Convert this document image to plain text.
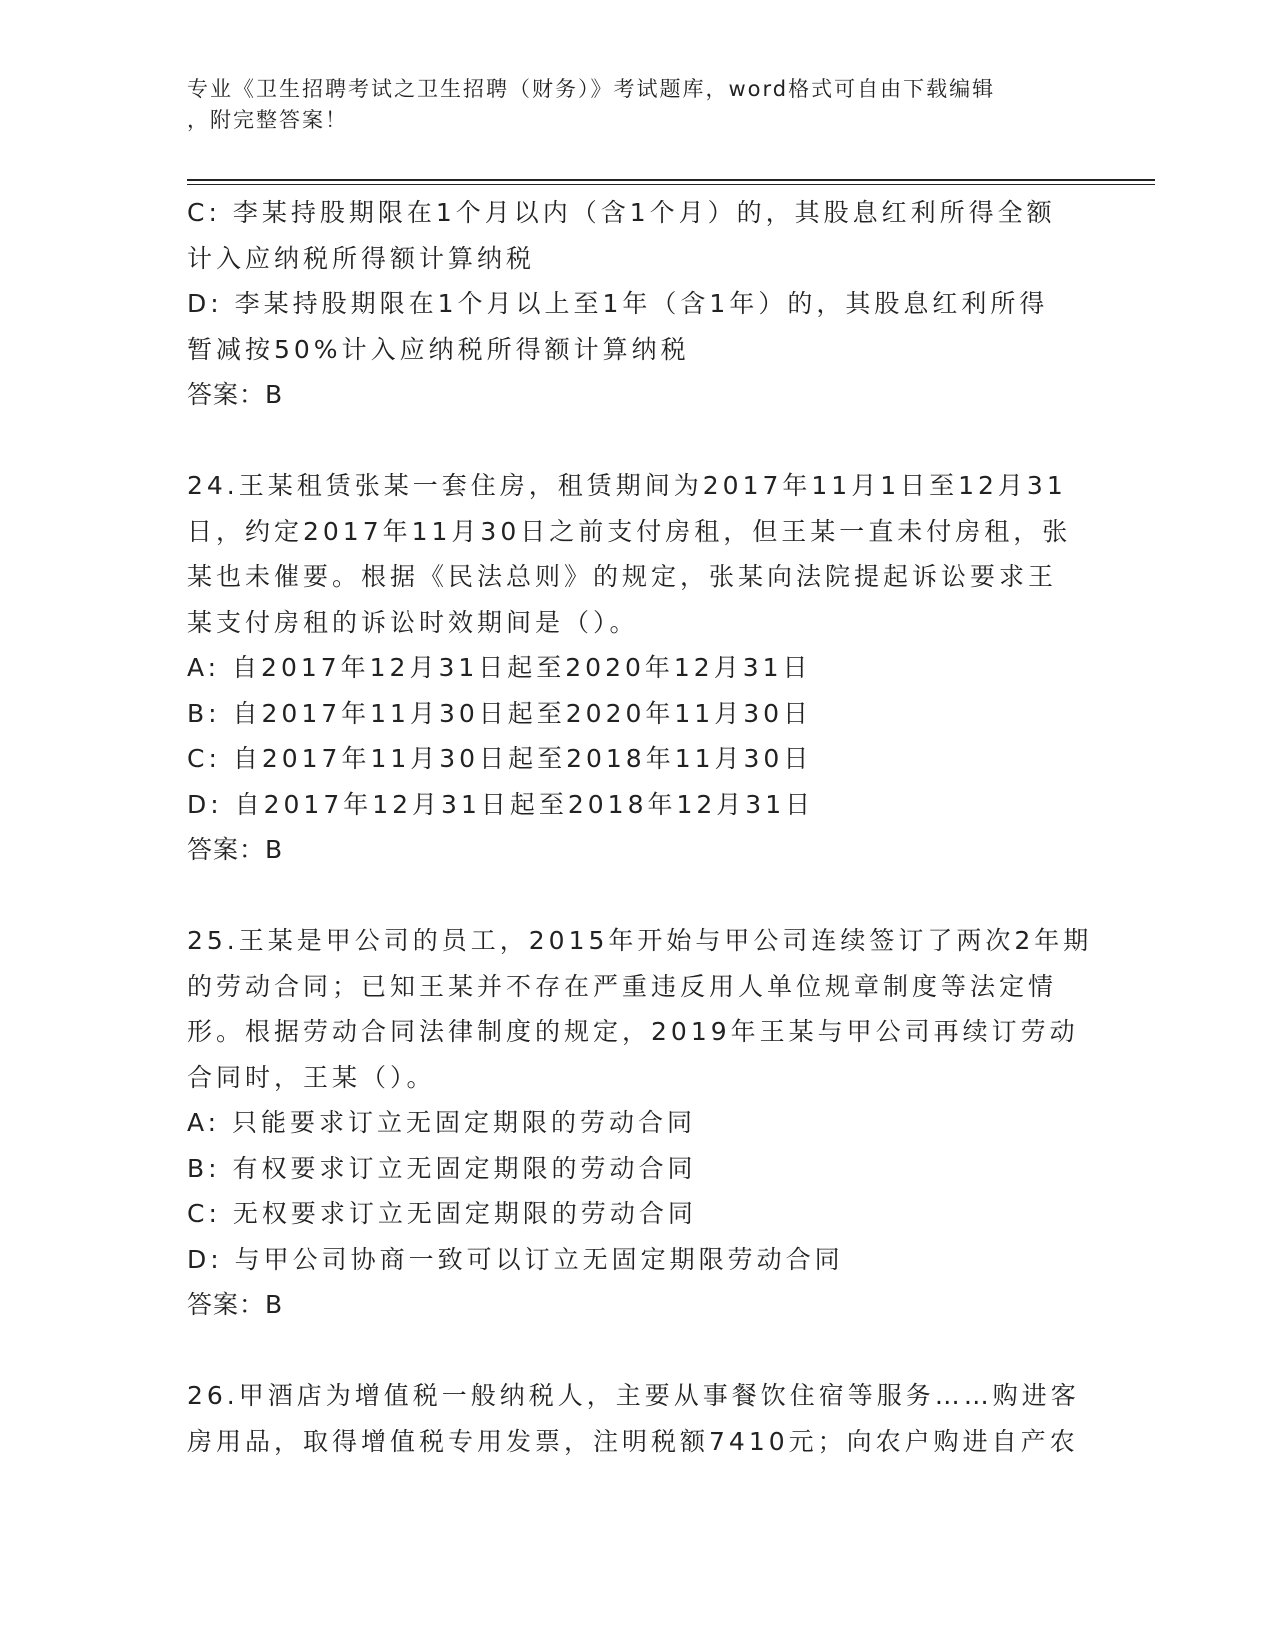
专业《卫生招聘考试之卫生招聘（财务）》考试题库，word格式可自由下载编辑
，附完整答案！
C: 李某持股期限在1个月以内（含1个月）的，其股息红利所得全额
计入应纳税所得额计算纳税
D: 李某持股期限在1个月以上至1年（含1年）的，其股息红利所得
暂减按50%计入应纳税所得额计算纳税
答案：B
24.王某租赁张某一套住房，租赁期间为2017年11月1日至12月31
日，约定2017年11月30日之前支付房租，但王某一直未付房租，张
某也未催要。根据《民法总则》的规定，张某向法院提起诉讼要求王
某支付房租的诉讼时效期间是（）。
A: 自2017年12月31日起至2020年12月31日
B: 自2017年11月30日起至2020年11月30日
C: 自2017年11月30日起至2018年11月30日
D: 自2017年12月31日起至2018年12月31日
答案：B
25.王某是甲公司的员工，2015年开始与甲公司连续签订了两次2年期
的劳动合同；已知王某并不存在严重违反用人单位规章制度等法定情
形。根据劳动合同法律制度的规定，2019年王某与甲公司再续订劳动
合同时，王某（）。
A: 只能要求订立无固定期限的劳动合同
B: 有权要求订立无固定期限的劳动合同
C: 无权要求订立无固定期限的劳动合同
D: 与甲公司协商一致可以订立无固定期限劳动合同
答案：B
26.甲酒店为增值税一般纳税人，主要从事餐饮住宿等服务……购进客
房用品，取得增值税专用发票，注明税额7410元；向农户购进自产农
